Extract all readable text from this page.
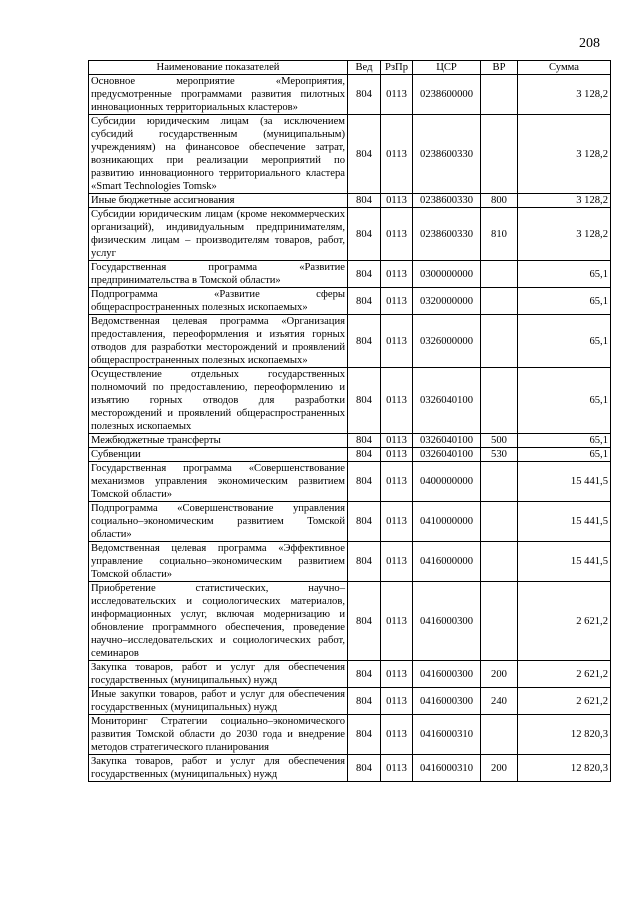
208
Наименование показателей	Вед	РзПр	ЦСР	ВР	Сумма
Основное мероприятие «Мероприятия, предусмотренные программами развития пилотных инновационных территориальных кластеров»	804	0113	0238600000		3 128,2
Субсидии юридическим лицам (за исключением субсидий государственным (муниципальным) учреждениям) на финансовое обеспечение затрат, возникающих при реализации мероприятий по развитию инновационного территориального кластера «Smart Technologies Tomsk»	804	0113	0238600330		3 128,2
Иные бюджетные ассигнования	804	0113	0238600330	800	3 128,2
Субсидии юридическим лицам (кроме некоммерческих организаций), индивидуальным предпринимателям, физическим лицам – производителям товаров, работ, услуг	804	0113	0238600330	810	3 128,2
Государственная программа «Развитие предпринимательства в Томской области»	804	0113	0300000000		65,1
Подпрограмма «Развитие сферы общераспространенных полезных ископаемых»	804	0113	0320000000		65,1
Ведомственная целевая программа «Организация предоставления, переоформления и изъятия горных отводов для разработки месторождений и проявлений общераспространенных полезных ископаемых»	804	0113	0326000000		65,1
Осуществление отдельных государственных полномочий по предоставлению, переоформлению и изъятию горных отводов для разработки месторождений и проявлений общераспространенных полезных ископаемых	804	0113	0326040100		65,1
Межбюджетные трансферты	804	0113	0326040100	500	65,1
Субвенции	804	0113	0326040100	530	65,1
Государственная программа «Совершенствование механизмов управления экономическим развитием Томской области»	804	0113	0400000000		15 441,5
Подпрограмма «Совершенствование управления социально–экономическим развитием Томской области»	804	0113	0410000000		15 441,5
Ведомственная целевая программа «Эффективное управление социально–экономическим развитием Томской области»	804	0113	0416000000		15 441,5
Приобретение статистических, научно–исследовательских и социологических материалов, информационных услуг, включая модернизацию и обновление программного обеспечения, проведение научно–исследовательских и социологических работ, семинаров	804	0113	0416000300		2 621,2
Закупка товаров, работ и услуг для обеспечения государственных (муниципальных) нужд	804	0113	0416000300	200	2 621,2
Иные закупки товаров, работ и услуг для обеспечения государственных (муниципальных) нужд	804	0113	0416000300	240	2 621,2
Мониторинг Стратегии социально–экономического развития Томской области до 2030 года и внедрение методов стратегического планирования	804	0113	0416000310		12 820,3
Закупка товаров, работ и услуг для обеспечения государственных (муниципальных) нужд	804	0113	0416000310	200	12 820,3
